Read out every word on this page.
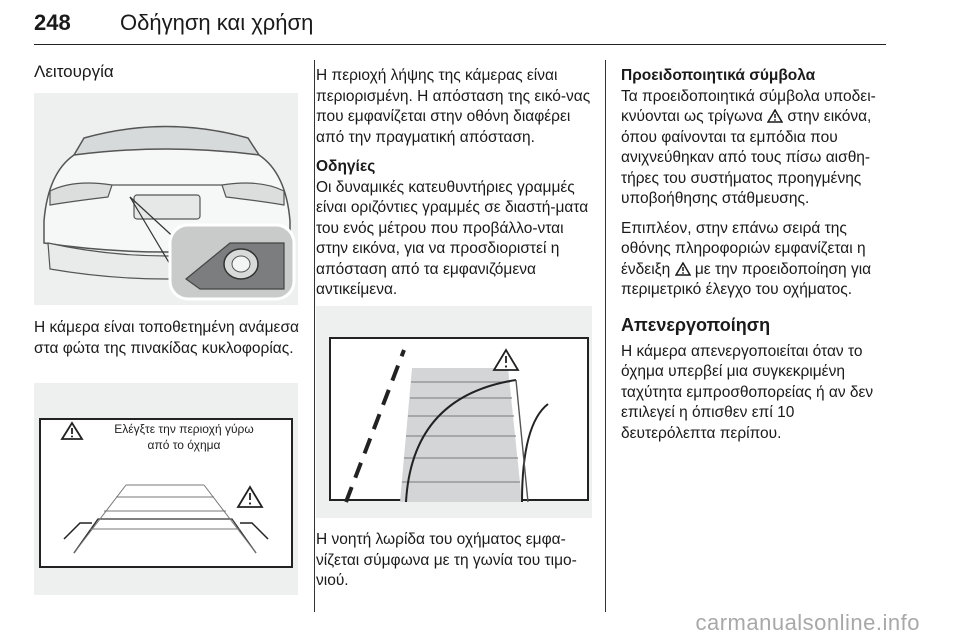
248 Οδήγηση και χρήση
Λειτουργία

Η κάμερα είναι τοποθετημένη ανάμεσα στα φώτα της πινακίδας κυκλοφορίας.

Ελέγξτε την περιοχή γύρω
από το όχημα

Η περιοχή λήψης της κάμερας είναι περιορισμένη. Η απόσταση της εικό-νας που εμφανίζεται στην οθόνη διαφέρει από την πραγματική απόσταση.

Οδηγίες

Οι δυναμικές κατευθυντήριες γραμμές είναι οριζόντιες γραμμές σε διαστή-ματα του ενός μέτρου που προβάλλο-νται στην εικόνα, για να προσδιοριστεί η απόσταση από τα εμφανιζόμενα αντικείμενα.

Η νοητή λωρίδα του οχήματος εμφα-νίζεται σύμφωνα με τη γωνία του τιμο-νιού.

Προειδοποιητικά σύμβολα

Τα προειδοποιητικά σύμβολα υποδει-κνύονται ως τρίγωνα στην εικόνα, όπου φαίνονται τα εμπόδια που ανιχνεύθηκαν από τους πίσω αισθη-τήρες του συστήματος προηγμένης υποβοήθησης στάθμευσης.

Επιπλέον, στην επάνω σειρά της οθόνης πληροφοριών εμφανίζεται η ένδειξη με την προειδοποίηση για περιμετρικό έλεγχο του οχήματος.

Απενεργοποίηση

Η κάμερα απενεργοποιείται όταν το όχημα υπερβεί μια συγκεκριμένη ταχύτητα εμπροσθοπορείας ή αν δεν επιλεγεί η όπισθεν επί 10 δευτερόλεπτα περίπου.

carmanualsonline.info
